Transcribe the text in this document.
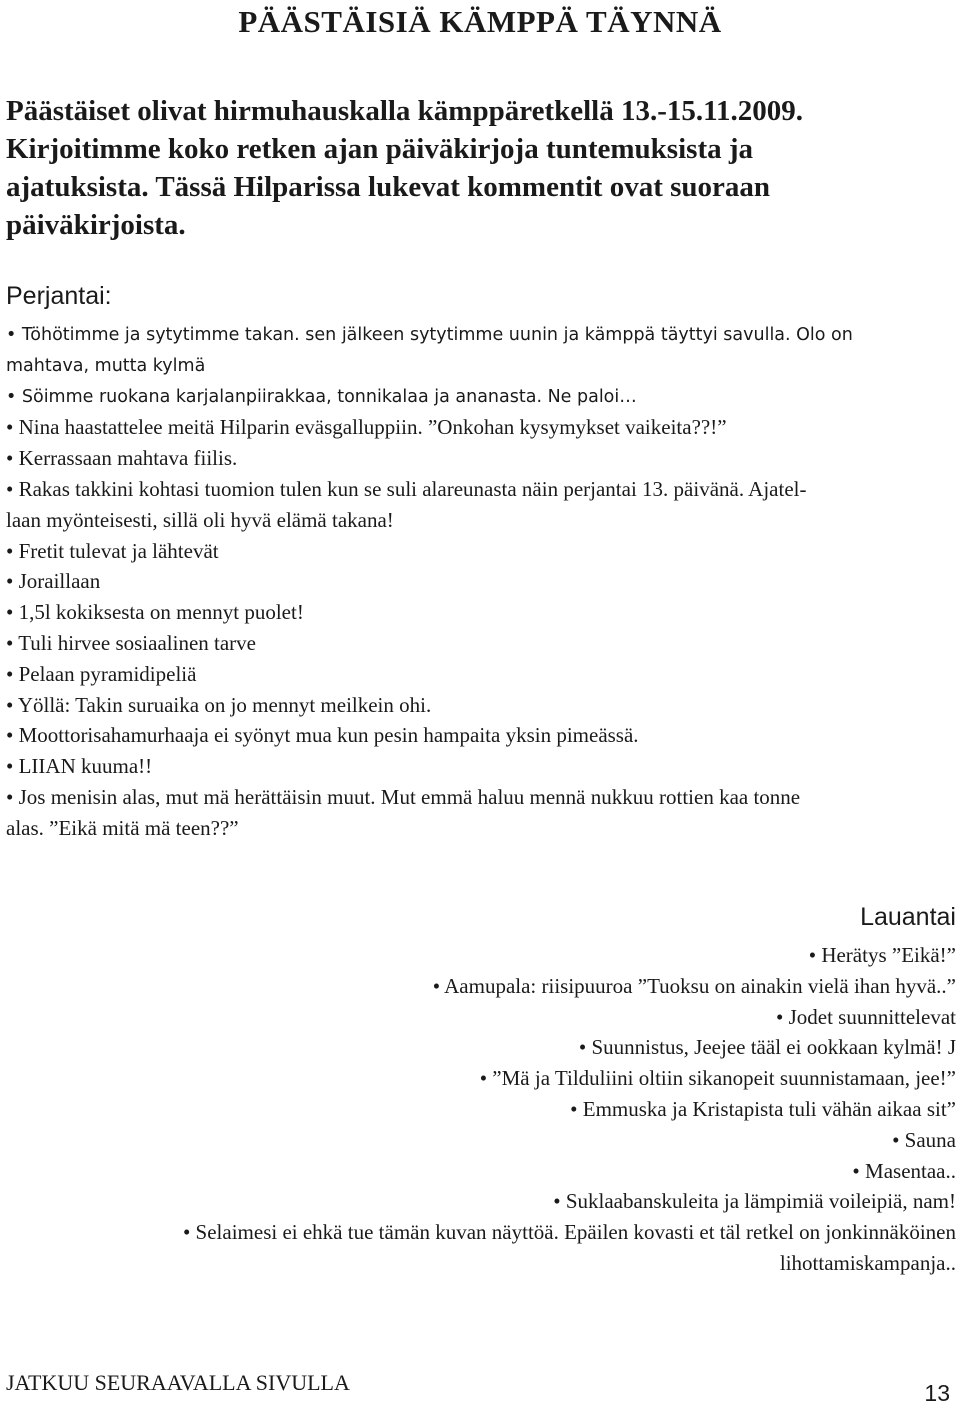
PÄÄSTÄISIÄ KÄMPPÄ TÄYNNÄ
Päästäiset olivat hirmuhauskalla kämppäretkellä 13.-15.11.2009.
Kirjoitimme koko retken ajan päiväkirjoja tuntemuksista ja
ajatuksista. Tässä Hilparissa lukevat kommentit ovat suoraan
päiväkirjoista.
Perjantai:
• Töhötimme ja sytytimme takan. sen jälkeen sytytimme uunin ja kämppä täyttyi savulla. Olo on
mahtava, mutta kylmä
• Söimme ruokana karjalanpiirakkaa, tonnikalaa ja ananasta. Ne paloi…
• Nina haastattelee meitä Hilparin eväsgalluppiin. ”Onkohan kysymykset vaikeita??!”
• Kerrassaan mahtava fiilis.
• Rakas takkini kohtasi tuomion tulen kun se suli alareunasta näin perjantai 13. päivänä. Ajatel-
laan myönteisesti, sillä oli hyvä elämä takana!
• Fretit tulevat ja lähtevät
• Joraillaan
• 1,5l kokiksesta on mennyt puolet!
• Tuli hirvee sosiaalinen tarve
• Pelaan pyramidipeliä
• Yöllä: Takin suruaika on jo mennyt meilkein ohi.
• Moottorisahamurhaaja ei syönyt mua kun pesin hampaita yksin pimeässä.
• LIIAN kuuma!!
• Jos menisin alas, mut mä herättäisin muut. Mut emmä haluu mennä nukkuu rottien kaa tonne
alas. ”Eikä mitä mä teen??”
Lauantai
• Herätys ”Eikä!”
• Aamupala: riisipuuroa ”Tuoksu on ainakin vielä ihan hyvä..”
• Jodet suunnittelevat
• Suunnistus, Jeejee tääl ei ookkaan kylmä! J
• ”Mä ja Tilduliini oltiin sikanopeit suunnistamaan, jee!”
• Emmuska ja Kristapista tuli vähän aikaa sit”
• Sauna
• Masentaa..
• Suklaabanskuleita ja lämpimiä voileipiä, nam!
• Selaimesi ei ehkä tue tämän kuvan näyttöä. Epäilen kovasti et täl retkel on jonkinnäköinen
lihottamiskampanja..

JATKUU SEURAAVALLA SIVULLA	13
